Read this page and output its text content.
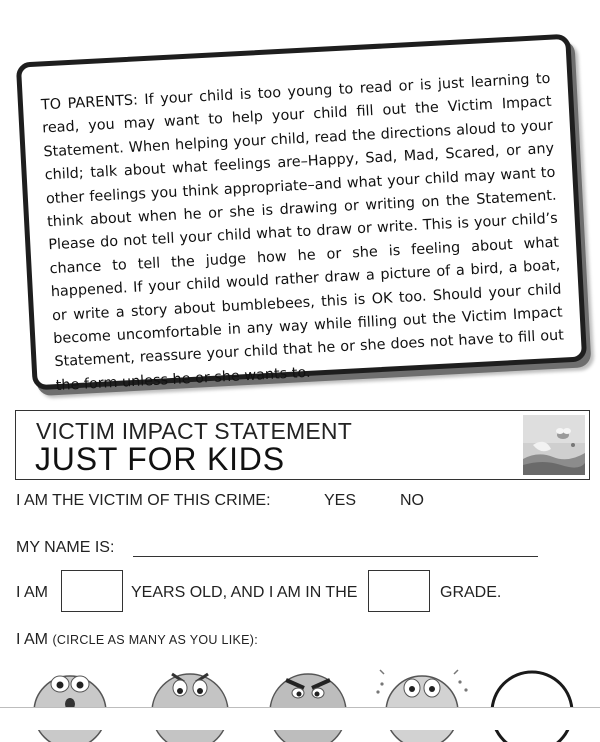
TO PARENTS: If your child is too young to read or is just learning to read, you may want to help your child fill out the Victim Impact Statement. When helping your child, read the directions aloud to your child; talk about what feelings are–Happy, Sad, Mad, Scared, or any other feelings you think appropriate–and what your child may want to think about when he or she is drawing or writing on the Statement. Please do not tell your child what to draw or write. This is your child’s chance to tell the judge how he or she is feeling about what happened. If your child would rather draw a picture of a bird, a boat, or write a story about bumblebees, this is OK too. Should your child become uncomfortable in any way while filling out the Victim Impact Statement, reassure your child that he or she does not have to fill out the form unless he or she wants to.

VICTIM IMPACT STATEMENT
JUST FOR KIDS
I AM THE VICTIM OF THIS CRIME:	YES	NO
MY NAME IS:
I AM	YEARS OLD, AND I AM IN THE	GRADE.
I AM (CIRCLE AS MANY AS YOU LIKE):
